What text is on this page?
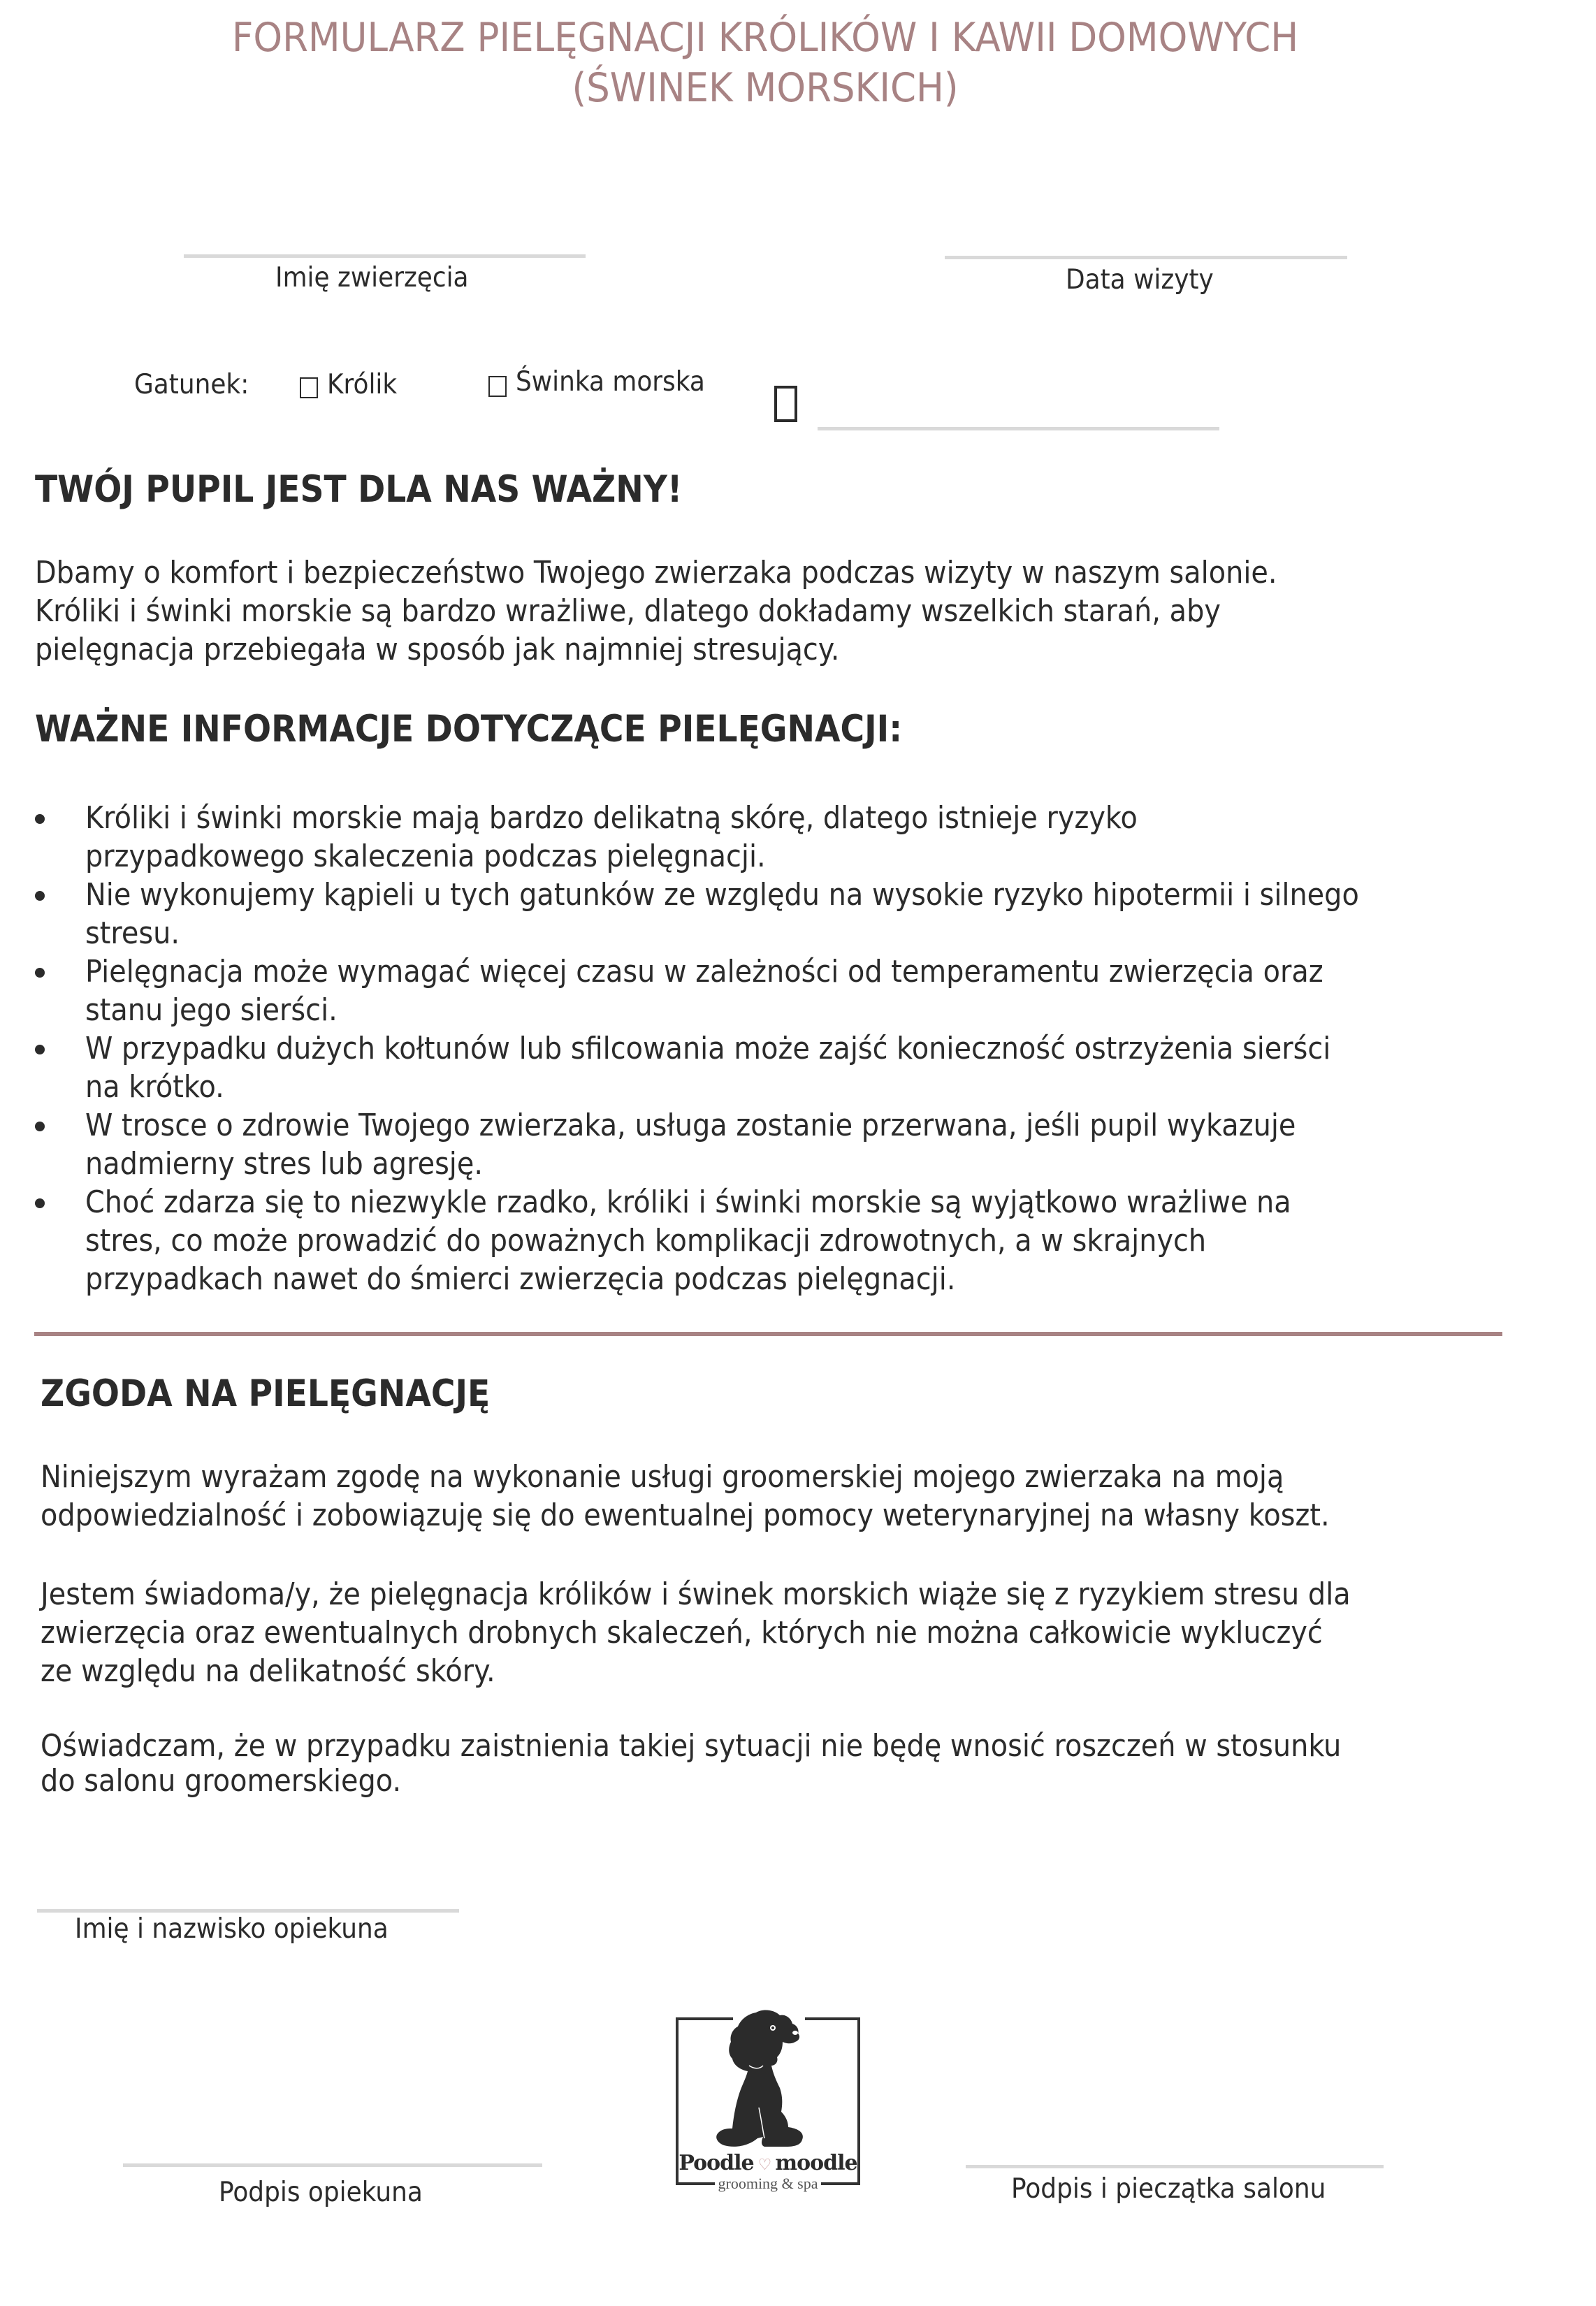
FORMULARZ PIELĘGNACJI KRÓLIKÓW I KAWII DOMOWYCH
(ŚWINEK MORSKICH)
Imię zwierzęcia	Data wizyty
Gatunek:	Królik	Świnka morska
TWÓJ PUPIL JEST DLA NAS WAŻNY!
Dbamy o komfort i bezpieczeństwo Twojego zwierzaka podczas wizyty w naszym salonie.
Króliki i świnki morskie są bardzo wrażliwe, dlatego dokładamy wszelkich starań, aby
pielęgnacja przebiegała w sposób jak najmniej stresujący.
WAŻNE INFORMACJE DOTYCZĄCE PIELĘGNACJI:
Króliki i świnki morskie mają bardzo delikatną skórę, dlatego istnieje ryzyko
przypadkowego skaleczenia podczas pielęgnacji.
Nie wykonujemy kąpieli u tych gatunków ze względu na wysokie ryzyko hipotermii i silnego
stresu.
Pielęgnacja może wymagać więcej czasu w zależności od temperamentu zwierzęcia oraz
stanu jego sierści.
W przypadku dużych kołtunów lub sfilcowania może zajść konieczność ostrzyżenia sierści
na krótko.
W trosce o zdrowie Twojego zwierzaka, usługa zostanie przerwana, jeśli pupil wykazuje
nadmierny stres lub agresję.
Choć zdarza się to niezwykle rzadko, króliki i świnki morskie są wyjątkowo wrażliwe na
stres, co może prowadzić do poważnych komplikacji zdrowotnych, a w skrajnych
przypadkach nawet do śmierci zwierzęcia podczas pielęgnacji.
ZGODA NA PIELĘGNACJĘ
Niniejszym wyrażam zgodę na wykonanie usługi groomerskiej mojego zwierzaka na moją
odpowiedzialność i zobowiązuję się do ewentualnej pomocy weterynaryjnej na własny koszt.
Jestem świadoma/y, że pielęgnacja królików i świnek morskich wiąże się z ryzykiem stresu dla
zwierzęcia oraz ewentualnych drobnych skaleczeń, których nie można całkowicie wykluczyć
ze względu na delikatność skóry.
Oświadczam, że w przypadku zaistnienia takiej sytuacji nie będę wnosić roszczeń w stosunku
do salonu groomerskiego.
Imię i nazwisko opiekuna
Podpis opiekuna	Podpis i pieczątka salonu
Poodle ♡ moodle
grooming & spa
